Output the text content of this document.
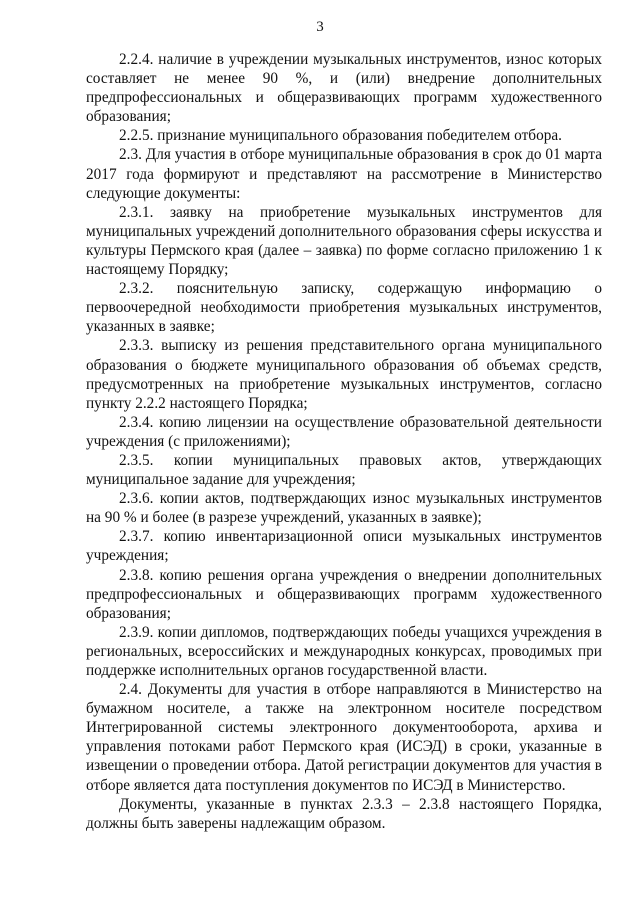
3

2.2.4. наличие в учреждении музыкальных инструментов, износ которых составляет не менее 90 %, и (или) внедрение дополнительных предпрофессиональных и общеразвивающих программ художественного образования;

2.2.5. признание муниципального образования победителем отбора.

2.3. Для участия в отборе муниципальные образования в срок до 01 марта 2017 года формируют и представляют на рассмотрение в Министерство следующие документы:

2.3.1. заявку на приобретение музыкальных инструментов для муниципальных учреждений дополнительного образования сферы искусства и культуры Пермского края (далее – заявка) по форме согласно приложению 1 к настоящему Порядку;

2.3.2. пояснительную записку, содержащую информацию о первоочередной необходимости приобретения музыкальных инструментов, указанных в заявке;

2.3.3. выписку из решения представительного органа муниципального образования о бюджете муниципального образования об объемах средств, предусмотренных на приобретение музыкальных инструментов, согласно пункту 2.2.2 настоящего Порядка;

2.3.4. копию лицензии на осуществление образовательной деятельности учреждения (с приложениями);

2.3.5. копии муниципальных правовых актов, утверждающих муниципальное задание для учреждения;

2.3.6. копии актов, подтверждающих износ музыкальных инструментов на 90 % и более (в разрезе учреждений, указанных в заявке);

2.3.7. копию инвентаризационной описи музыкальных инструментов учреждения;

2.3.8. копию решения органа учреждения о внедрении дополнительных предпрофессиональных и общеразвивающих программ художественного образования;

2.3.9. копии дипломов, подтверждающих победы учащихся учреждения в региональных, всероссийских и международных конкурсах, проводимых при поддержке исполнительных органов государственной власти.

2.4. Документы для участия в отборе направляются в Министерство на бумажном носителе, а также на электронном носителе посредством Интегрированной системы электронного документооборота, архива и управления потоками работ Пермского края (ИСЭД) в сроки, указанные в извещении о проведении отбора. Датой регистрации документов для участия в отборе является дата поступления документов по ИСЭД в Министерство.

Документы, указанные в пунктах 2.3.3 – 2.3.8 настоящего Порядка, должны быть заверены надлежащим образом.
